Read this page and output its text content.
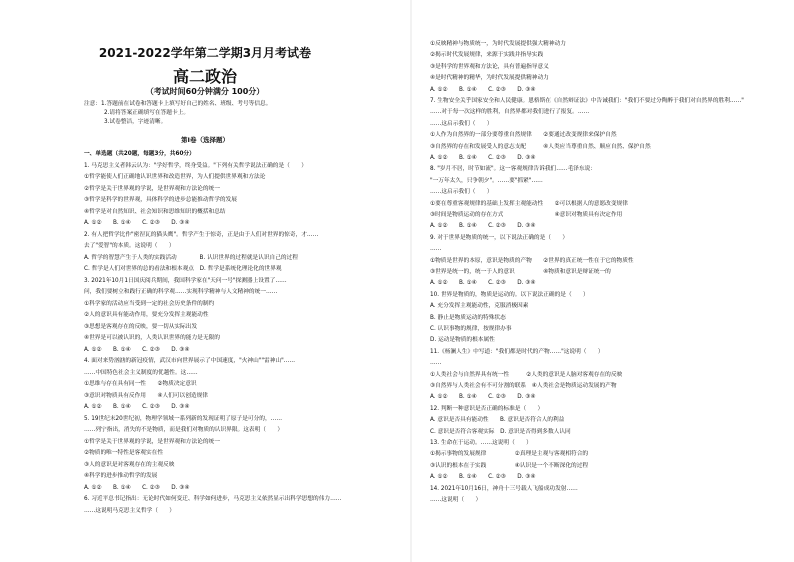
2021-2022学年第二学期3月月考试卷
高二政治
（考试时间60分钟满分 100分）
注意：1.答题前在试卷和答题卡上填写好自己的姓名、班级、考号等信息。
2.请将答案正确填写在答题卡上。
3.试卷整洁，字迹清晰。
第I卷（选择题）
一、单选题（共20题，每题3分，共60分）
1. 马克思主义者韩云认为："学好哲学，终身受益。"下列有关哲学说法正确的是（　　）
①哲学能使人们正确地认识世界和改造世界，为人们提供世界观和方法论
②哲学是关于世界观的学说，是世界观和方法论的统一
③哲学是科学的世界观，具体科学的进步总能推动哲学的发展
④哲学是对自然知识、社会知识和思维知识的概括和总结
A. ①②　　B. ①④　　C. ②③　　D. ③④
2. 有人把哲学比作"密涅瓦的猫头鹰"。哲学产生于惊奇，正是由于人们对世界的惊奇，才……
去了"爱智"的本质。这说明（　　）
A. 哲学的智慧产生于人类的实践活动　　　　B. 认识世界的过程就是认识自己的过程
C. 哲学是人们对世界的总的看法和根本观点　D. 哲学是系统化理论化的世界观
3. 2021年10月1日国庆阅兵期间，我国科学家在"天问一号"探测器上设置了……
问，我们要树立和践行正确的科学观……实现科学精神与人文精神的统一……
①科学家的活动应当受到一定的社会历史条件的制约
②人的意识具有能动作用，要充分发挥主观能动性
③思想是客观存在的反映，要一切从实际出发
④世界是可以被认识的，人类认识世界的能力是无限的
A. ①②　　B. ①④　　C. ②③　　D. ③④
4. 面对来势汹汹的新冠疫情，武汉市向世界展示了中国速度，"火神山""雷神山"……
……中国特色社会主义制度的优越性。这……
①思维与存在具有同一性　　②物质决定意识
③意识对物质具有反作用　　④人们可以创造规律
A. ①②　　B. ①④　　C. ②③　　D. ③④
5. 19世纪末20世纪初，物理学领域一系列新的发现证明了原子是可分的，……
……列宁指出，消失的不是物质，而是我们对物质的认识界限。这表明（　　）
①哲学是关于世界观的学说，是世界观和方法论的统一
②物质的唯一特性是客观实在性
③人的意识是对客观存在的主观反映
④科学的进步推动哲学的发展
A. ①②　　B. ①④　　C. ②③　　D. ③④
6. 习近平总书记指出：无论时代如何变迁、科学如何进步，马克思主义依然显示出科学思想的伟力……
……这说明马克思主义哲学（　　）
①反映精神与物质统一，为时代发展提供强大精神动力
②揭示时代发展规律，来源于实践并指导实践
③是科学的世界观和方法论，具有普遍指导意义
④是时代精神的精华，为时代发展提供精神动力
A. ①②　　B. ①④　　C. ②③　　D. ③④
7. 生物安全关乎国家安全和人民健康。恩格斯在《自然辩证法》中告诫我们："我们不要过分陶醉于我们对自然界的胜利……"
……对于每一次这样的胜利，自然界都对我们进行了报复。……
……这启示我们（　　）
①人作为自然界的一部分要尊重自然规律　　②要通过改变规律来保护自然
③自然界的存在和发展受人的意志支配　　　④人类应当尊重自然、顺应自然、保护自然
A. ①②　　B. ①④　　C. ②③　　D. ③④
8. "岁月不居，时节如流"。这一客观规律告诉我们……毛泽东说：
"一万年太久，只争朝夕"。……要"抓紧"……
……这启示我们（　　）
①要在尊重客观规律的基础上发挥主观能动性　　②可以根据人的意愿改变规律
③时间是物质运动的存在方式　　　　　　　　　④意识对物质具有决定作用
A. ①②　　B. ①④　　C. ②③　　D. ③④
9. 对于世界是物质的统一，以下说法正确的是（　　）
……
①物质是世界的本原，意识是物质的产物　　②世界的真正统一性在于它的物质性
③世界是统一的，统一于人的意识　　　　　④物质和意识是辩证统一的
A. ①②　　B. ①④　　C. ②③　　D. ③④
10. 世界是物质的，物质是运动的。以下说法正确的是（　　）
A. 充分发挥主观能动性，克服消极因素
B. 静止是物质运动的特殊状态
C. 认识事物的规律，按规律办事
D. 运动是物质的根本属性
11.《杨澜人生》中写道："我们都是时代的产物……"这说明（　　）
……
①人类社会与自然界具有统一性　　　②人类的意识是人脑对客观存在的反映
③自然界与人类社会有不可分割的联系　④人类社会是物质运动发展的产物
A. ①②　　B. ①④　　C. ②③　　D. ③④
12. 判断一种意识是否正确的标准是（　　）
A. 意识是否具有能动性　　B. 意识是否符合人的利益
C. 意识是否符合客观实际　D. 意识是否得到多数人认同
13. 生命在于运动。……这说明（　　）
①揭示事物的发展规律　　　　　②真理是主观与客观相符合的
③认识的根本在于实践　　　　　④认识是一个不断深化的过程
A. ①②　　B. ①④　　C. ②③　　D. ③④
14. 2021年10月16日，神舟十三号载人飞船成功发射……
……这说明（　　）
